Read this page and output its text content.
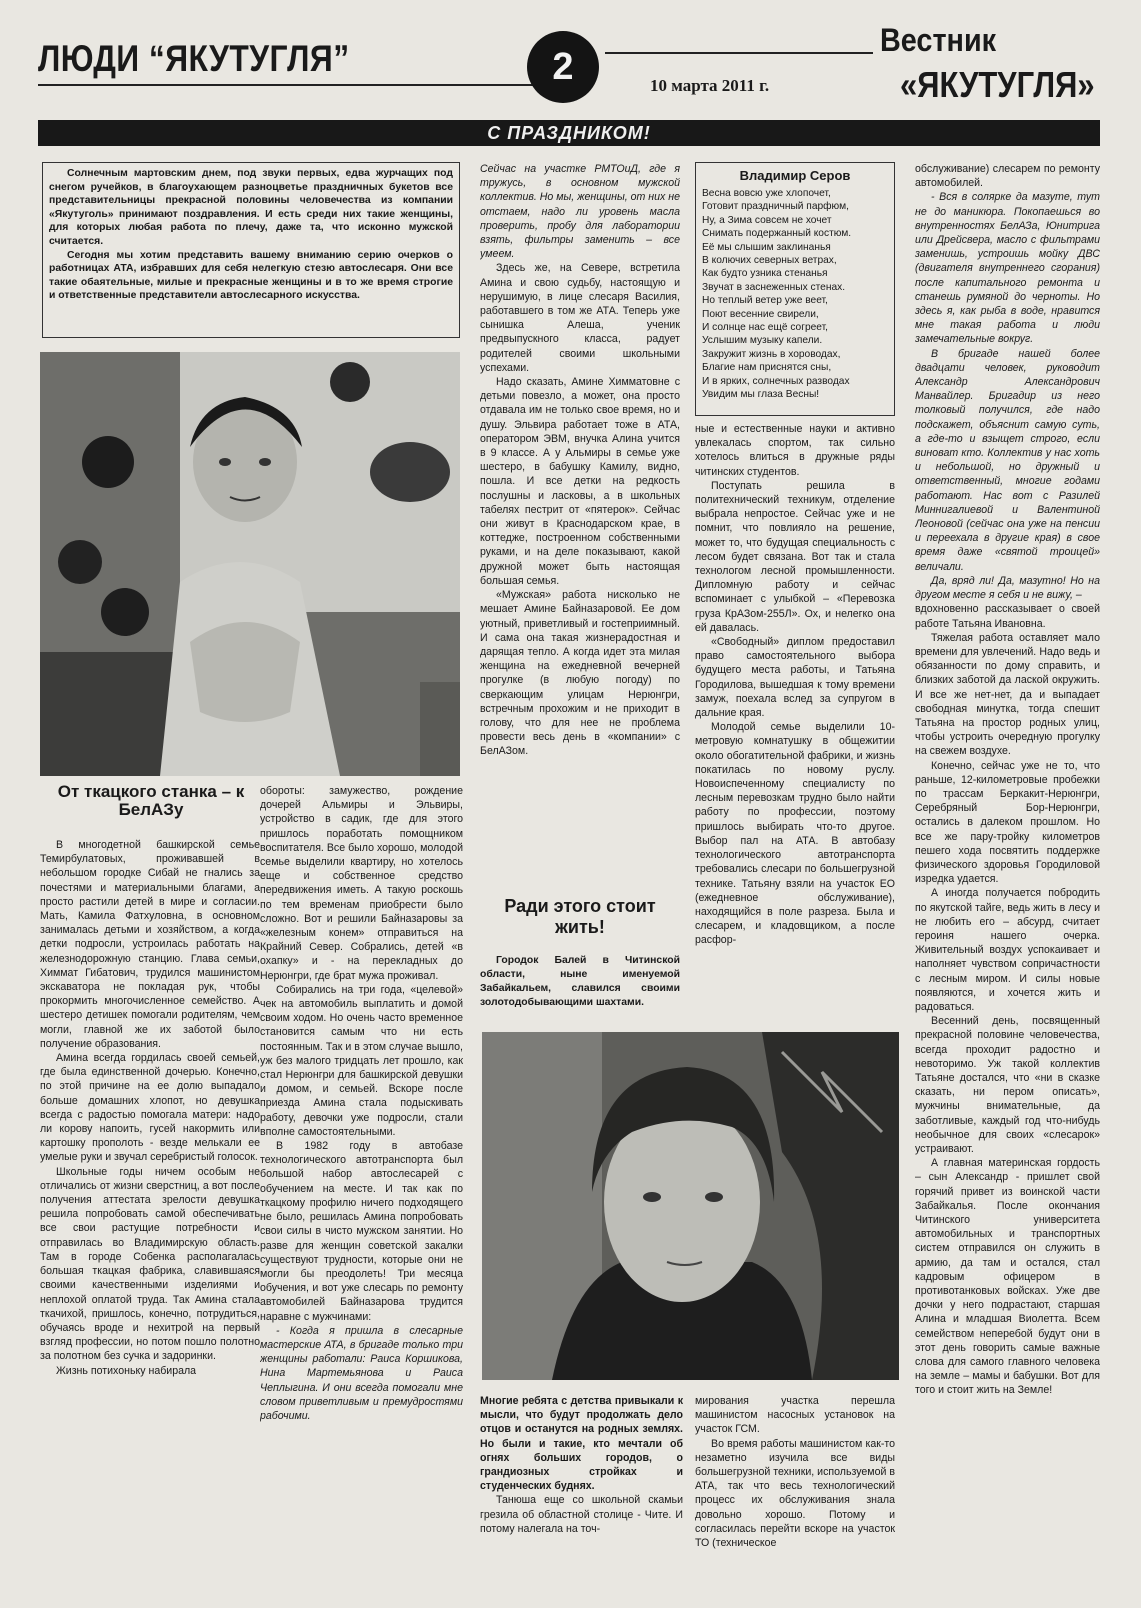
ЛЮДИ “ЯКУТУГЛЯ”	2	10 марта 2011 г.
Вестник
«ЯКУТУГЛЯ»
С ПРАЗДНИКОМ!

Солнечным мартовским днем, под звуки первых, едва журчащих под снегом ручейков, в благоухающем разноцветье праздничных букетов все представительницы прекрасной половины человечества из компании «Якутуголь» принимают поздравления. И есть среди них такие женщины, для которых любая работа по плечу, даже та, что исконно мужской считается.

Сегодня мы хотим представить вашему вниманию серию очерков о работницах АТА, избравших для себя нелегкую стезю автослесаря. Они все такие обаятельные, милые и прекрасные женщины и в то же время строгие и ответственные представители автослесарного искусства.

От ткацкого станка – к БелАЗу

В многодетной башкирской семье Темирбулатовых, проживавшей в небольшом городке Сибай не гнались за почестями и материальными благами, а просто растили детей в мире и согласии. Мать, Камила Фатхуловна, в основном занималась детьми и хозяйством, а когда детки подросли, устроилась работать на железнодорожную станцию. Глава семьи, Химмат Гибатович, трудился машинистом экскаватора не покладая рук, чтобы прокормить многочисленное семейство. А шестеро детишек помогали родителям, чем могли, главной же их заботой было получение образования.

Амина всегда гордилась своей семьей, где была единственной дочерью. Конечно, по этой причине на ее долю выпадало больше домашних хлопот, но девушка всегда с радостью помогала матери: надо ли корову напоить, гусей накормить или картошку прополоть - везде мелькали ее умелые руки и звучал серебристый голосок.

Школьные годы ничем особым не отличались от жизни сверстниц, а вот после получения аттестата зрелости девушка решила попробовать самой обеспечивать все свои растущие потребности и отправилась во Владимирскую область. Там в городе Собенка располагалась большая ткацкая фабрика, славившаяся своими качественными изделиями и неплохой оплатой труда. Так Амина стала ткачихой, пришлось, конечно, потрудиться, обучаясь вроде и нехитрой на первый взгляд профессии, но потом пошло полотно за полотном без сучка и задоринки.

Жизнь потихоньку набирала

обороты: замужество, рождение дочерей Альмиры и Эльвиры, устройство в садик, где для этого пришлось поработать помощником воспитателя. Все было хорошо, молодой семье выделили квартиру, но хотелось еще и собственное средство передвижения иметь. А такую роскошь по тем временам приобрести было сложно. Вот и решили Байназаровы за «железным конем» отправиться на Крайний Север. Собрались, детей «в охапку» и - на перекладных до Нерюнгри, где брат мужа проживал.

Собирались на три года, «целевой» чек на автомобиль выплатить и домой своим ходом. Но очень часто временное становится самым что ни есть постоянным. Так и в этом случае вышло, уж без малого тридцать лет прошло, как стал Нерюнгри для башкирской девушки и домом, и семьей. Вскоре после приезда Амина стала подыскивать работу, девочки уже подросли, стали вполне самостоятельными.

В 1982 году в автобазе технологического автотранспорта был большой набор автослесарей с обучением на месте. И так как по ткацкому профилю ничего подходящего не было, решилась Амина попробовать свои силы в чисто мужском занятии. Но разве для женщин советской закалки существуют трудности, которые они не могли бы преодолеть! Три месяца обучения, и вот уже слесарь по ремонту автомобилей Байназарова трудится наравне с мужчинами:

- Когда я пришла в слесарные мастерские АТА, в бригаде только три женщины работали: Раиса Коршикова, Нина Мартемьянова и Раиса Чеплыгина. И они всегда помогали мне словом приветливым и премудростями рабочими.

Сейчас на участке РМТОиД, где я тружусь, в основном мужской коллектив. Но мы, женщины, от них не отстаем, надо ли уровень масла проверить, пробу для лаборатории взять, фильтры заменить – все умеем.

Здесь же, на Севере, встретила Амина и свою судьбу, настоящую и нерушимую, в лице слесаря Василия, работавшего в том же АТА. Теперь уже сынишка Алеша, ученик предвыпускного класса, радует родителей своими школьными успехами.

Надо сказать, Амине Химматовне с детьми повезло, а может, она просто отдавала им не только свое время, но и душу. Эльвира работает тоже в АТА, оператором ЭВМ, внучка Алина учится в 9 классе. А у Альмиры в семье уже шестеро, в бабушку Камилу, видно, пошла. И все детки на редкость послушны и ласковы, а в школьных табелях пестрит от «пятерок». Сейчас они живут в Краснодарском крае, в коттедже, построенном собственными руками, и на деле показывают, какой дружной может быть настоящая большая семья.

«Мужская» работа нисколько не мешает Амине Байназаровой. Ее дом уютный, приветливый и гостеприимный. И сама она такая жизнерадостная и дарящая тепло. А когда идет эта милая женщина на ежедневной вечерней прогулке (в любую погоду) по сверкающим улицам Нерюнгри, встречным прохожим и не приходит в голову, что для нее не проблема провести весь день в «компании» с БелАЗом.

Владимир Серов
Весна вовсю уже хлопочет,
Готовит праздничный парфюм,
Ну, а Зима совсем не хочет
Снимать подержанный костюм.
Её мы слышим заклинанья
В колючих северных ветрах,
Как будто узника стенанья
Звучат в заснеженных стенах.
Но теплый ветер уже веет,
Поют весенние свирели,
И солнце нас ещё согреет,
Услышим музыку капели.
Закружит жизнь в хороводах,
Благие нам приснятся сны,
И в ярких, солнечных разводах
Увидим мы глаза Весны!

ные и естественные науки и активно увлекалась спортом, так сильно хотелось влиться в дружные ряды читинских студентов.

Поступать решила в политехнический техникум, отделение выбрала непростое. Сейчас уже и не помнит, что повлияло на решение, может то, что будущая специальность с лесом будет связана. Вот так и стала технологом лесной промышленности. Дипломную работу и сейчас вспоминает с улыбкой – «Перевозка груза КрАЗом-255Л». Ох, и нелегко она ей давалась.

«Свободный» диплом предоставил право самостоятельного выбора будущего места работы, и Татьяна Городилова, вышедшая к тому времени замуж, поехала вслед за супругом в дальние края.

Молодой семье выделили 10-метровую комнатушку в общежитии около обогатительной фабрики, и жизнь покатилась по новому руслу. Новоиспеченному специалисту по лесным перевозкам трудно было найти работу по профессии, поэтому пришлось выбирать что-то другое. Выбор пал на АТА. В автобазу технологического автотранспорта требовались слесари по большегрузной технике. Татьяну взяли на участок ЕО (ежедневное обслуживание), находящийся в поле разреза. Была и слесарем, и кладовщиком, а после расфор-

Ради этого стоит жить!
Городок Балей в Читинской области, ныне именуемой Забайкальем, славился своими золотодобывающими шахтами.

Многие ребята с детства привыкали к мысли, что будут продолжать дело отцов и останутся на родных землях. Но были и такие, кто мечтали об огнях больших городов, о грандиозных стройках и студенческих буднях.

Танюша еще со школьной скамьи грезила об областной столице - Чите. И потому налегала на точ-

мирования участка перешла машинистом насосных установок на участок ГСМ.

Во время работы машинистом как-то незаметно изучила все виды большегрузной техники, используемой в АТА, так что весь технологический процесс их обслуживания знала довольно хорошо. Потому и согласилась перейти вскоре на участок ТО (техническое

обслуживание) слесарем по ремонту автомобилей.

- Вся в солярке да мазуте, тут не до маникюра. Покопаешься во внутренностях БелАЗа, Юнитрига или Дрейсвера, масло с фильтрами заменишь, устроишь мойку ДВС (двигателя внутреннего сгорания) после капитального ремонта и станешь румяной до черноты. Но здесь я, как рыба в воде, нравится мне такая работа и люди замечательные вокруг.

В бригаде нашей более двадцати человек, руководит Александр Александрович Манвайлер. Бригадир из него толковый получился, где надо подскажет, объяснит самую суть, а где-то и взыщет строго, если виноват кто. Коллектив у нас хоть и небольшой, но дружный и ответственный, многие годами работают. Нас вот с Разилей Миннигалиевой и Валентиной Леоновой (сейчас она уже на пенсии и переехала в другие края) в свое время даже «святой троицей» величали.

Да, вряд ли! Да, мазутно! Но на другом месте я себя и не вижу, –

вдохновенно рассказывает о своей работе Татьяна Ивановна.

Тяжелая работа оставляет мало времени для увлечений. Надо ведь и обязанности по дому справить, и близких заботой да лаской окружить. И все же нет-нет, да и выпадает свободная минутка, тогда спешит Татьяна на простор родных улиц, чтобы устроить очередную прогулку на свежем воздухе.

Конечно, сейчас уже не то, что раньше, 12-километровые пробежки по трассам Беркакит-Нерюнгри, Серебряный Бор-Нерюнгри, остались в далеком прошлом. Но все же пару-тройку километров пешего хода посвятить поддержке физического здоровья Городиловой изредка удается.

А иногда получается побродить по якутской тайге, ведь жить в лесу и не любить его – абсурд, считает героиня нашего очерка. Живительный воздух успокаивает и наполняет чувством сопричастности с лесным миром. И силы новые появляются, и хочется жить и радоваться.

Весенний день, посвященный прекрасной половине человечества, всегда проходит радостно и невоторимо. Уж такой коллектив Татьяне достался, что «ни в сказке сказать, ни пером описать», мужчины внимательные, да заботливые, каждый год что-нибудь необычное для своих «слесарок» устраивают.

А главная материнская гордость – сын Александр - пришлет свой горячий привет из воинской части Забайкалья. После окончания Читинского университета автомобильных и транспортных систем отправился он служить в армию, да там и остался, стал кадровым офицером в противотанковых войсках. Уже две дочки у него подрастают, старшая Алина и младшая Виолетта. Всем семейством неперебой будут они в этот день говорить самые важные слова для самого главного человека на земле – мамы и бабушки. Вот для того и стоит жить на Земле!
